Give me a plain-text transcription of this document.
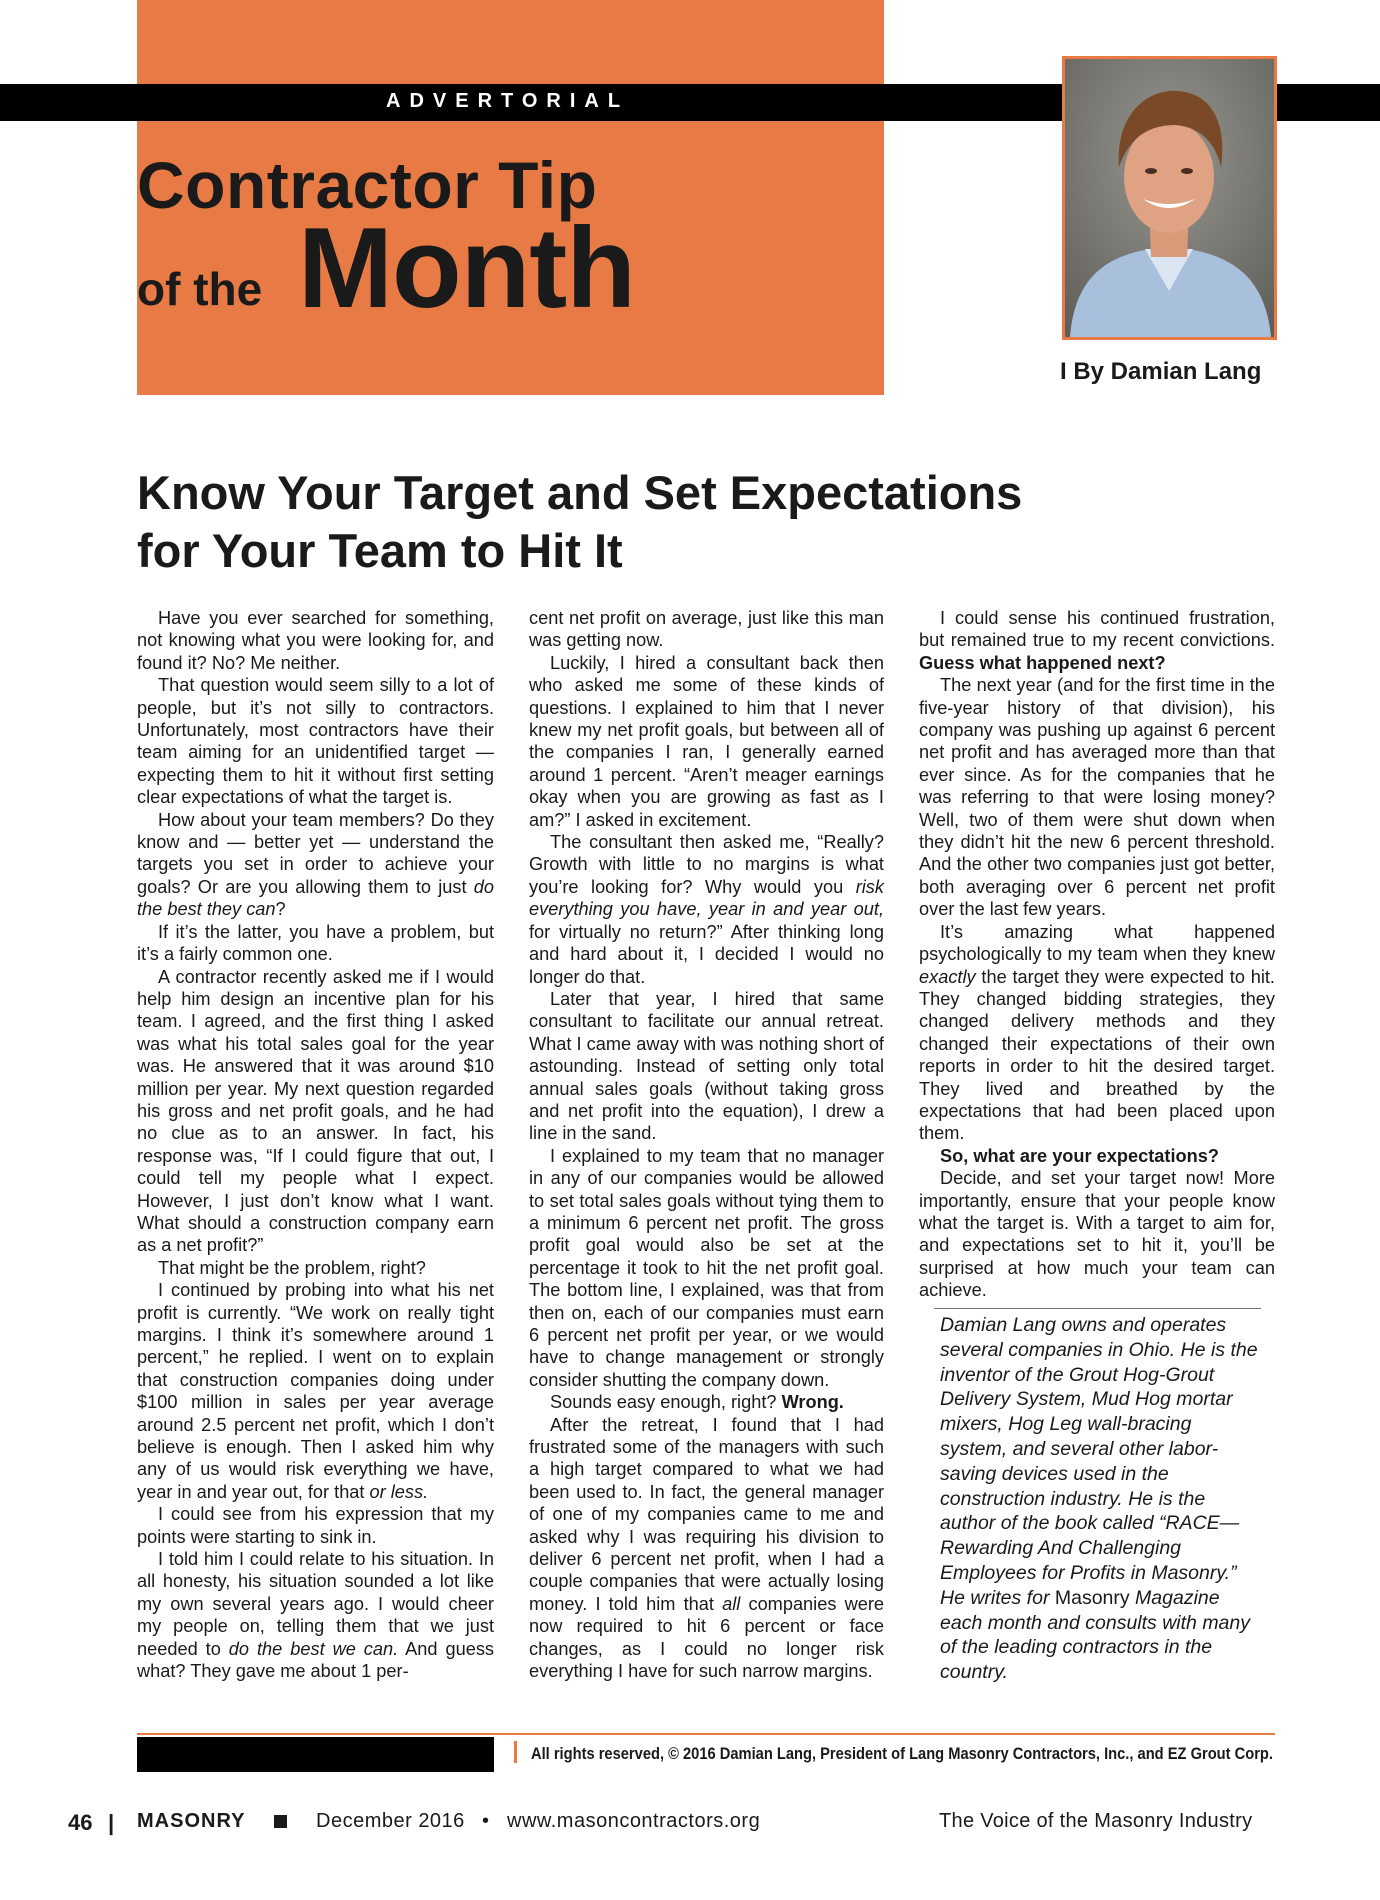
ADVERTORIAL
Contractor Tip
of the Month
I By Damian Lang
Know Your Target and Set Expectations
for Your Team to Hit It

Have you ever searched for something, not knowing what you were looking for, and found it? No? Me neither.

That question would seem silly to a lot of people, but it’s not silly to contractors. Unfortunately, most contractors have their team aiming for an unidentified target — expecting them to hit it without first setting clear expectations of what the target is.

How about your team members? Do they know and — better yet — understand the targets you set in order to achieve your goals? Or are you allowing them to just do the best they can?

If it’s the latter, you have a problem, but it’s a fairly common one.

A contractor recently asked me if I would help him design an incentive plan for his team. I agreed, and the first thing I asked was what his total sales goal for the year was. He answered that it was around $10 million per year. My next question regarded his gross and net profit goals, and he had no clue as to an answer. In fact, his response was, “If I could figure that out, I could tell my people what I expect. However, I just don’t know what I want. What should a construction company earn as a net profit?”

That might be the problem, right?

I continued by probing into what his net profit is currently. “We work on really tight margins. I think it’s somewhere around 1 percent,” he replied. I went on to explain that construction companies doing under $100 million in sales per year average around 2.5 percent net profit, which I don’t believe is enough. Then I asked him why any of us would risk everything we have, year in and year out, for that or less.

I could see from his expression that my points were starting to sink in.

I told him I could relate to his situation. In all honesty, his situation sounded a lot like my own several years ago. I would cheer my people on, telling them that we just needed to do the best we can. And guess what? They gave me about 1 per-

cent net profit on average, just like this man was getting now.

Luckily, I hired a consultant back then who asked me some of these kinds of questions. I explained to him that I never knew my net profit goals, but between all of the companies I ran, I generally earned around 1 percent. “Aren’t meager earnings okay when you are growing as fast as I am?” I asked in excitement.

The consultant then asked me, “Really? Growth with little to no margins is what you’re looking for? Why would you risk everything you have, year in and year out, for virtually no return?” After thinking long and hard about it, I decided I would no longer do that.

Later that year, I hired that same consultant to facilitate our annual retreat. What I came away with was nothing short of astounding. Instead of setting only total annual sales goals (without taking gross and net profit into the equation), I drew a line in the sand.

I explained to my team that no manager in any of our companies would be allowed to set total sales goals without tying them to a minimum 6 percent net profit. The gross profit goal would also be set at the percentage it took to hit the net profit goal. The bottom line, I explained, was that from then on, each of our companies must earn 6 percent net profit per year, or we would have to change management or strongly consider shutting the company down.

Sounds easy enough, right? Wrong.

After the retreat, I found that I had frustrated some of the managers with such a high target compared to what we had been used to. In fact, the general manager of one of my companies came to me and asked why I was requiring his division to deliver 6 percent net profit, when I had a couple companies that were actually losing money. I told him that all companies were now required to hit 6 percent or face changes, as I could no longer risk everything I have for such narrow margins.

I could sense his continued frustration, but remained true to my recent convictions. Guess what happened next?

The next year (and for the first time in the five-year history of that division), his company was pushing up against 6 percent net profit and has averaged more than that ever since. As for the companies that he was referring to that were losing money? Well, two of them were shut down when they didn’t hit the new 6 percent threshold. And the other two companies just got better, both averaging over 6 percent net profit over the last few years.

It’s amazing what happened psychologically to my team when they knew exactly the target they were expected to hit. They changed bidding strategies, they changed delivery methods and they changed their expectations of their own reports in order to hit the desired target. They lived and breathed by the expectations that had been placed upon them.

So, what are your expectations?

Decide, and set your target now! More importantly, ensure that your people know what the target is. With a target to aim for, and expectations set to hit it, you’ll be surprised at how much your team can achieve.

Damian Lang owns and operates several companies in Ohio. He is the inventor of the Grout Hog-Grout Delivery System, Mud Hog mortar mixers, Hog Leg wall-bracing system, and several other labor-saving devices used in the construction industry. He is the author of the book called “RACE—Rewarding And Challenging Employees for Profits in Masonry.” He writes for Masonry Magazine each month and consults with many of the leading contractors in the country.
All rights reserved, © 2016 Damian Lang, President of Lang Masonry Contractors, Inc., and EZ Grout Corp.
46 | MASONRY	December 2016 • www.masoncontractors.org	The Voice of the Masonry Industry
